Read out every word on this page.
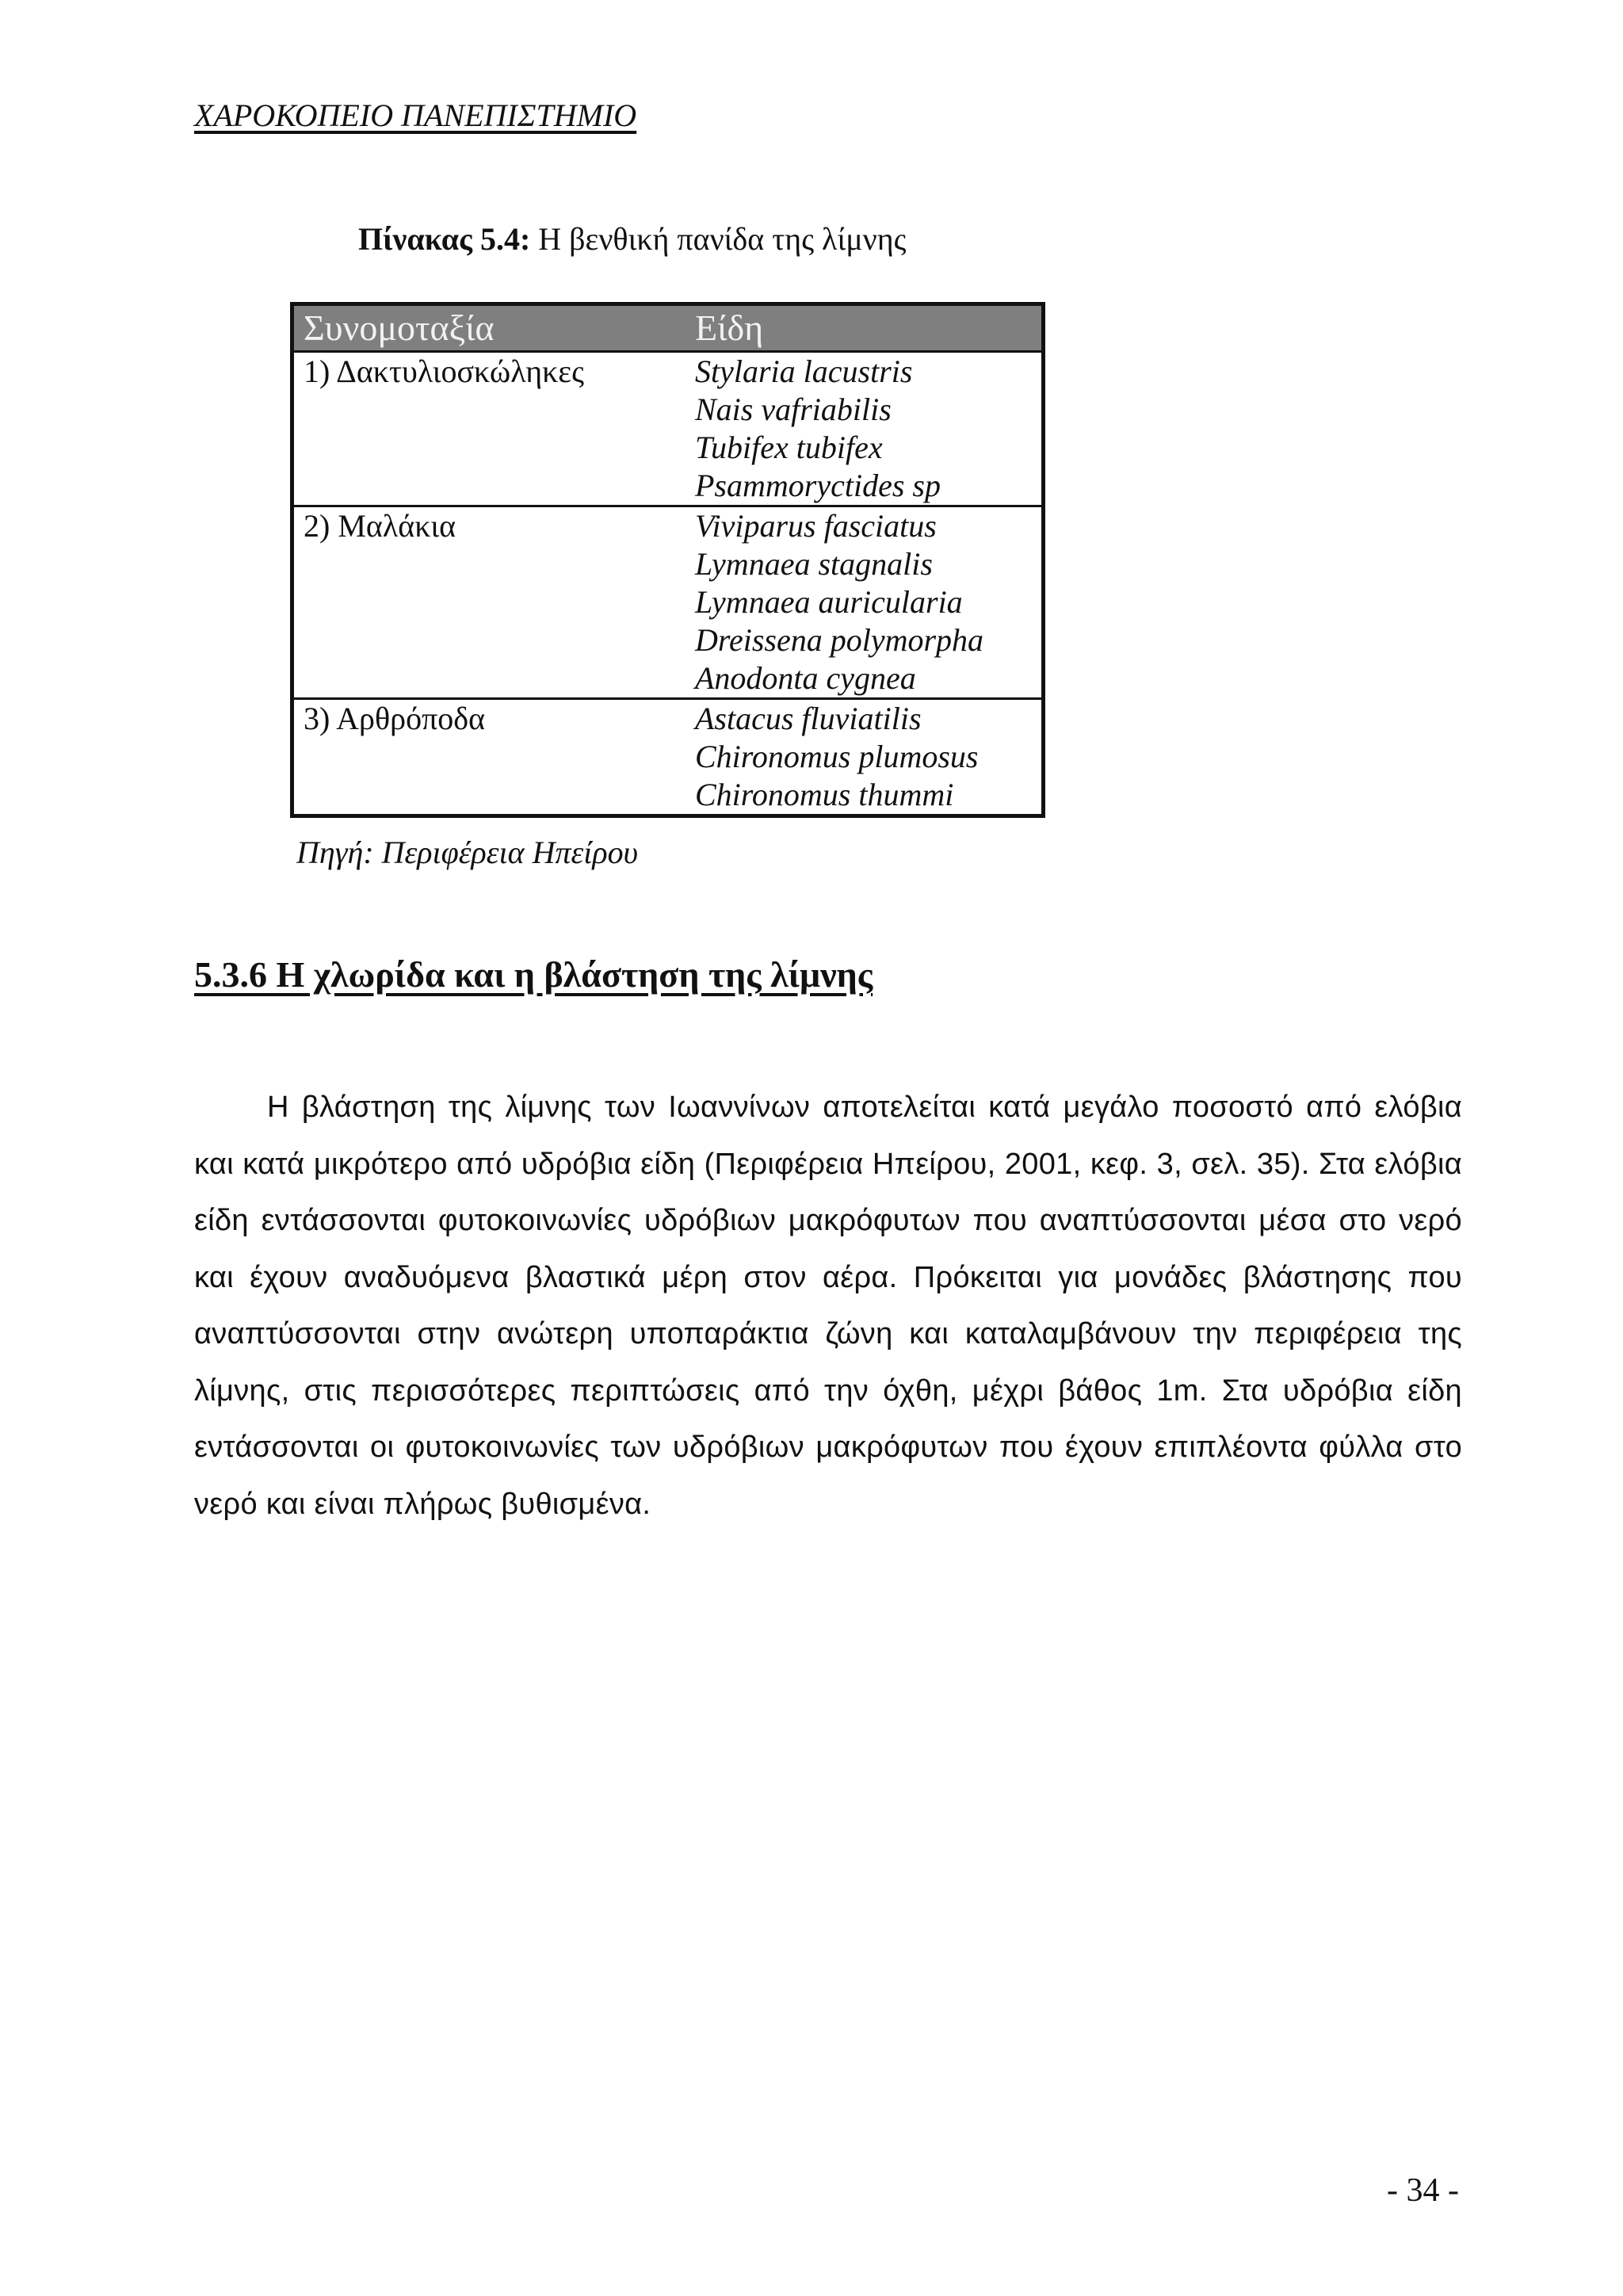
ΧΑΡΟΚΟΠΕΙΟ ΠΑΝΕΠΙΣΤΗΜΙΟ
Πίνακας 5.4: Η βενθική πανίδα της λίμνης
Συνομοταξία	Είδη
1) Δακτυλιοσκώληκες	Stylaria lacustris
Nais vafriabilis
Tubifex tubifex
Psammoryctides sp
2) Μαλάκια	Viviparus fasciatus
Lymnaea stagnalis
Lymnaea auricularia
Dreissena polymorpha
Anodonta cygnea
3) Αρθρόποδα	Astacus fluviatilis
Chironomus plumosus
Chironomus thummi
Πηγή: Περιφέρεια Ηπείρου
5.3.6 Η χλωρίδα και η βλάστηση της λίμνης
Η βλάστηση της λίμνης των Ιωαννίνων αποτελείται κατά μεγάλο ποσοστό από ελόβια και κατά μικρότερο από υδρόβια είδη (Περιφέρεια Ηπείρου, 2001, κεφ. 3, σελ. 35). Στα ελόβια είδη εντάσσονται φυτοκοινωνίες υδρόβιων μακρόφυτων που αναπτύσσονται μέσα στο νερό και έχουν αναδυόμενα βλαστικά μέρη στον αέρα. Πρόκειται για μονάδες βλάστησης που αναπτύσσονται στην ανώτερη υποπαράκτια ζώνη και καταλαμβάνουν την περιφέρεια της λίμνης, στις περισσότερες περιπτώσεις από την όχθη, μέχρι βάθος 1m. Στα υδρόβια είδη εντάσσονται οι φυτοκοινωνίες των υδρόβιων μακρόφυτων που έχουν επιπλέοντα φύλλα στο νερό και είναι πλήρως βυθισμένα.
- 34 -
